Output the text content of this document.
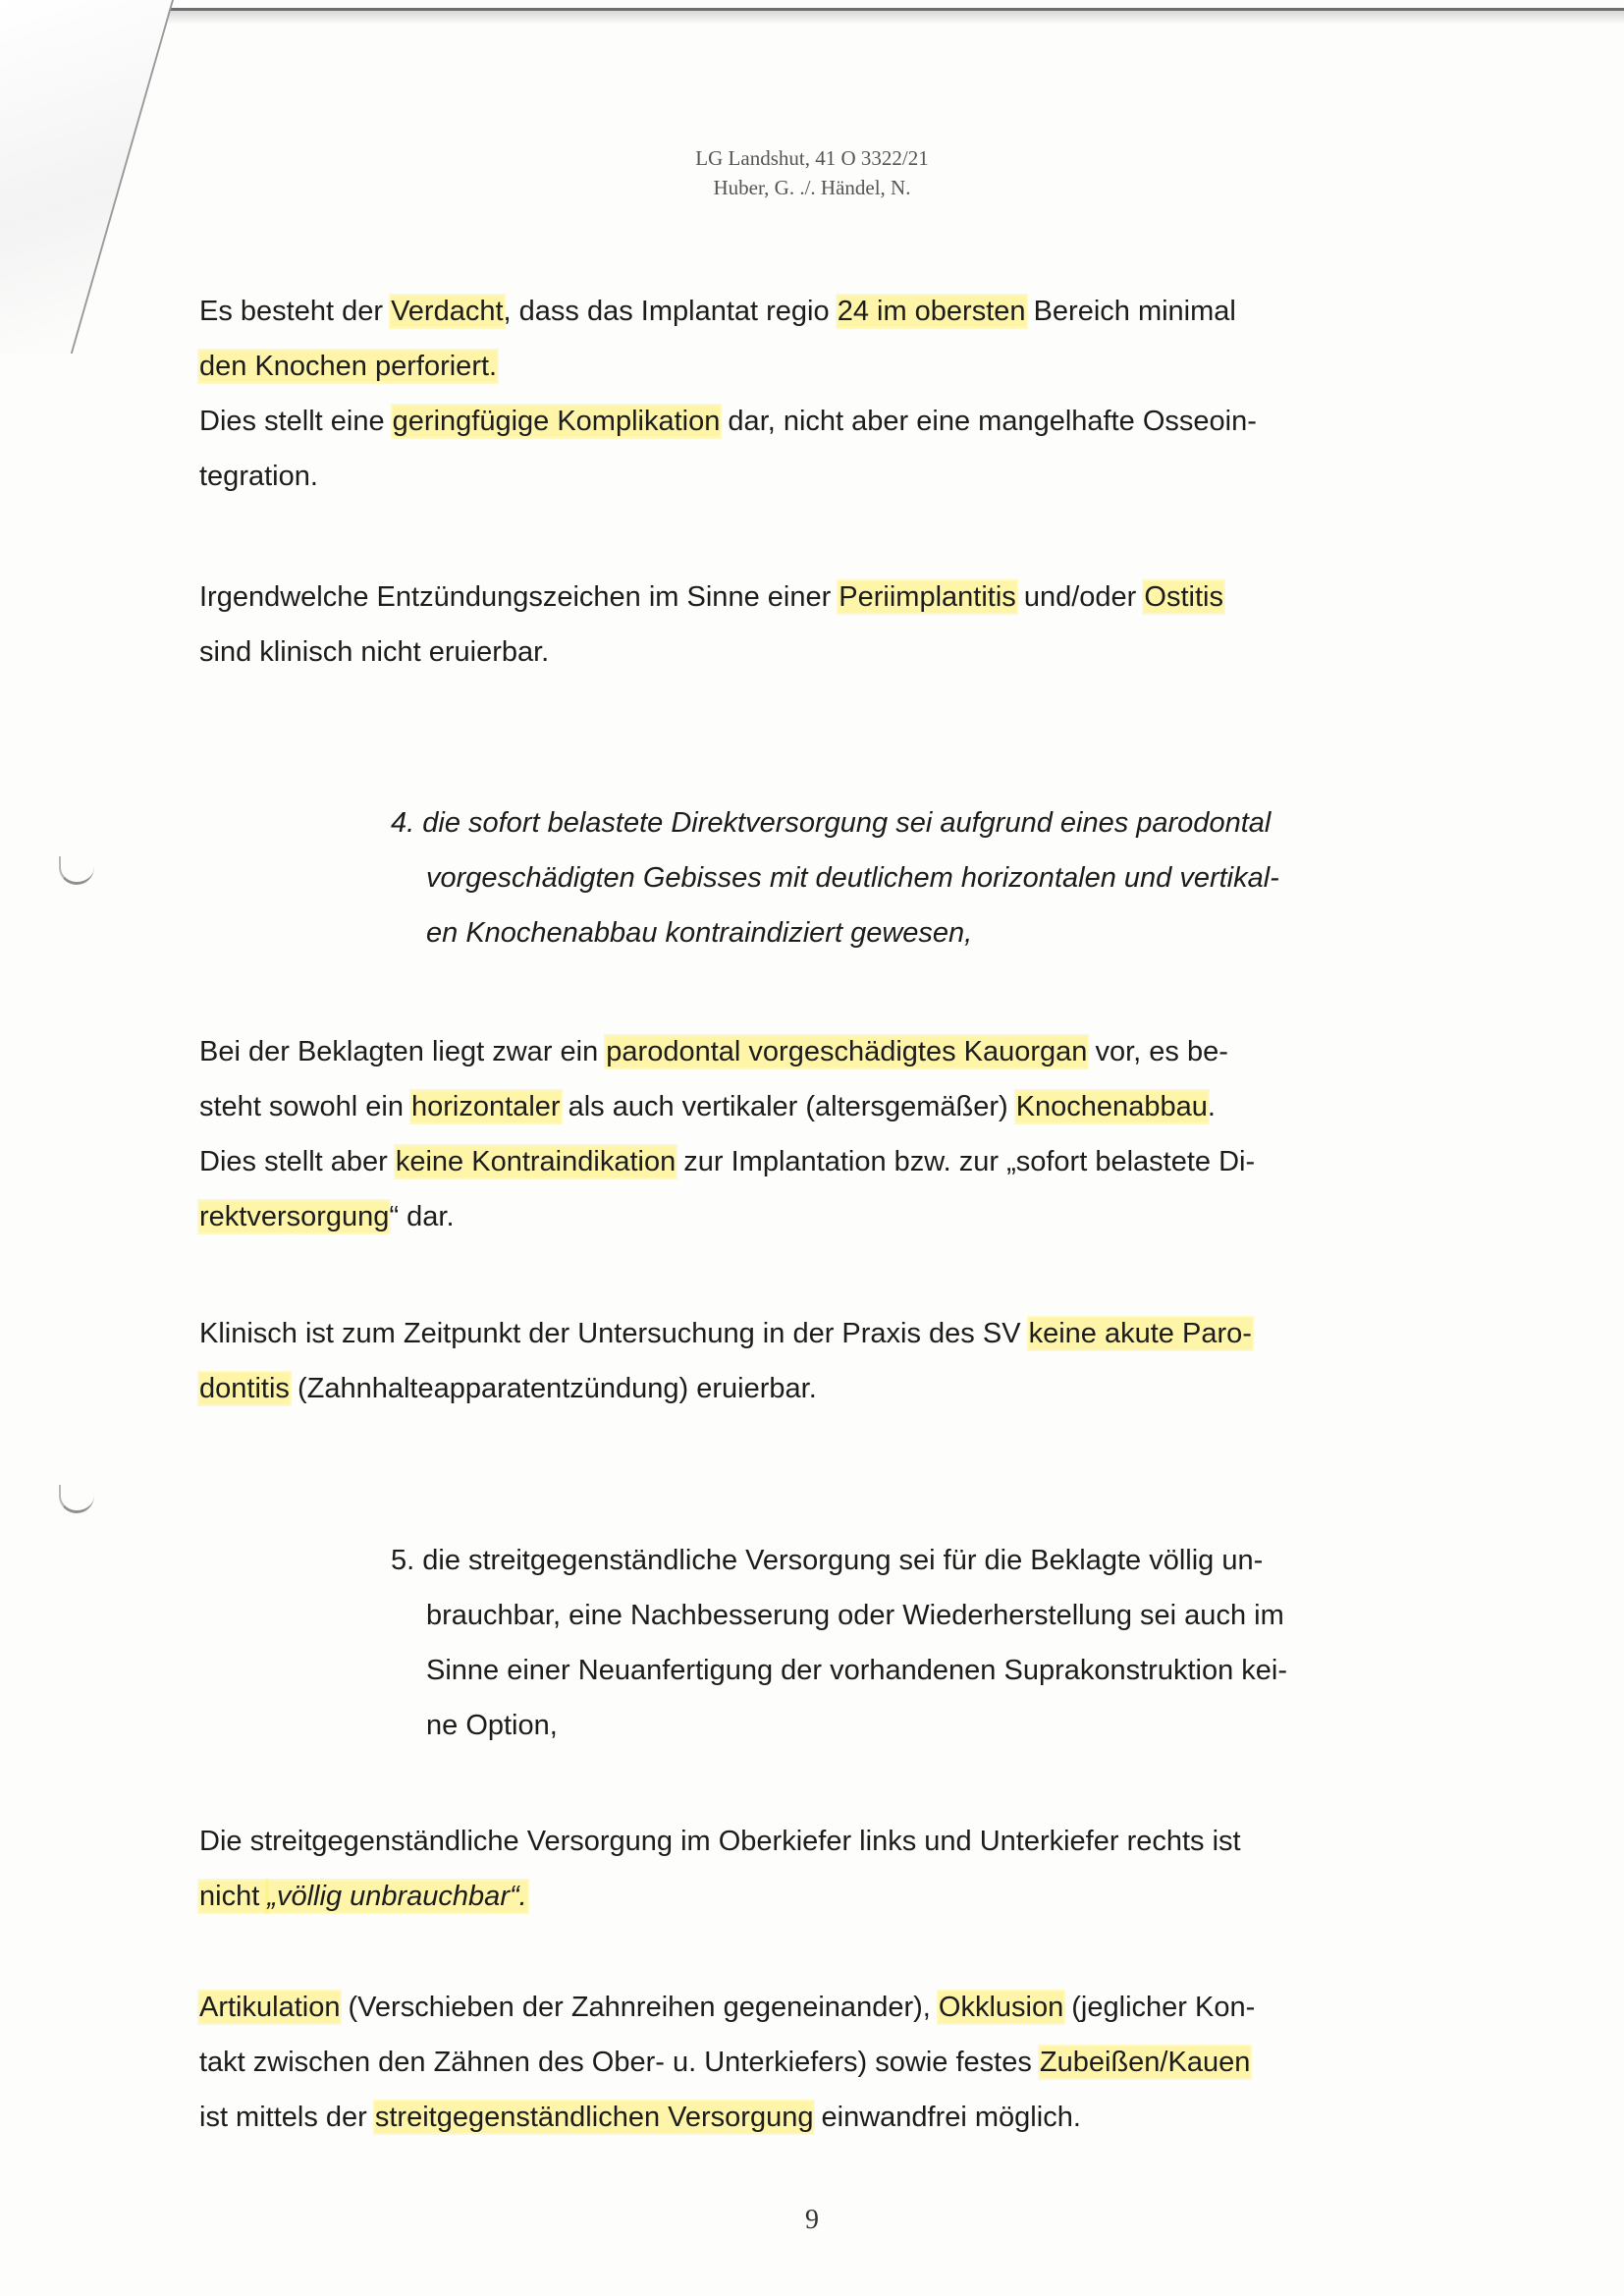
LG Landshut, 41 O 3322/21
Huber, G. ./. Händel, N.
Es besteht der Verdacht, dass das Implantat regio 24 im obersten Bereich minimal
den Knochen perforiert.
Dies stellt eine geringfügige Komplikation dar, nicht aber eine mangelhafte Osseoin-
tegration.
Irgendwelche Entzündungszeichen im Sinne einer Periimplantitis und/oder Ostitis
sind klinisch nicht eruierbar.
4. die sofort belastete Direktversorgung sei aufgrund eines parodontal
vorgeschädigten Gebisses mit deutlichem horizontalen und vertikal-
en Knochenabbau kontraindiziert gewesen,
Bei der Beklagten liegt zwar ein parodontal vorgeschädigtes Kauorgan vor, es be-
steht sowohl ein horizontaler als auch vertikaler (altersgemäßer) Knochenabbau.
Dies stellt aber keine Kontraindikation zur Implantation bzw. zur „sofort belastete Di-
rektversorgung“ dar.
Klinisch ist zum Zeitpunkt der Untersuchung in der Praxis des SV keine akute Paro-
dontitis (Zahnhalteapparatentzündung) eruierbar.
5. die streitgegenständliche Versorgung sei für die Beklagte völlig un-
brauchbar, eine Nachbesserung oder Wiederherstellung sei auch im
Sinne einer Neuanfertigung der vorhandenen Suprakonstruktion kei-
ne Option,
Die streitgegenständliche Versorgung im Oberkiefer links und Unterkiefer rechts ist
nicht „völlig unbrauchbar“.
Artikulation (Verschieben der Zahnreihen gegeneinander), Okklusion (jeglicher Kon-
takt zwischen den Zähnen des Ober- u. Unterkiefers) sowie festes Zubeißen/Kauen
ist mittels der streitgegenständlichen Versorgung einwandfrei möglich.
9
